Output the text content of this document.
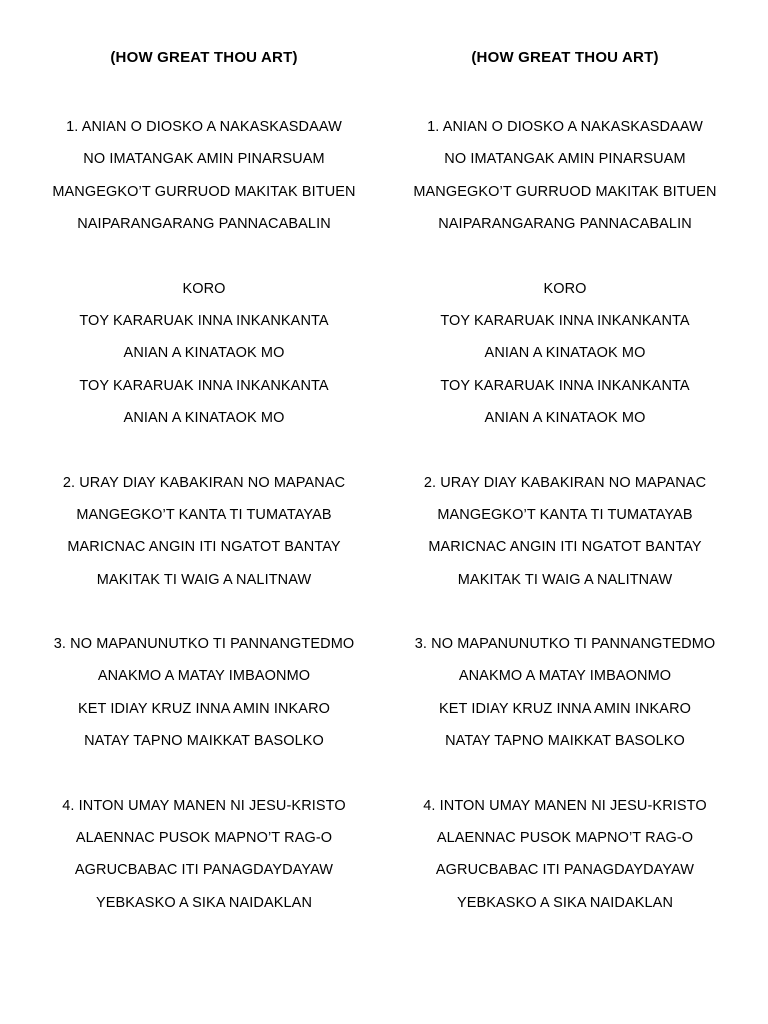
(HOW GREAT THOU ART)
1. ANIAN O DIOSKO A NAKASKASDAAW
NO IMATANGAK AMIN PINARSUAM
MANGEGKO’T GURRUOD MAKITAK BITUEN
NAIPARANGARANG PANNACABALIN
KORO
TOY KARARUAK INNA INKANKANTA
ANIAN A KINATAOK MO
TOY KARARUAK INNA INKANKANTA
ANIAN A KINATAOK MO
2. URAY DIAY KABAKIRAN NO MAPANAC
MANGEGKO’T KANTA TI TUMATAYAB
MARICNAC ANGIN ITI NGATOT BANTAY
MAKITAK TI WAIG A NALITNAW
3. NO MAPANUNUTKO TI PANNANGTEDMO
ANAKMO A MATAY IMBAONMO
KET IDIAY KRUZ INNA AMIN INKARO
NATAY TAPNO MAIKKAT BASOLKO
4. INTON UMAY MANEN NI JESU-KRISTO
ALAENNAC PUSOK MAPNO’T RAG-O
AGRUCBABAC ITI PANAGDAYDAYAW
YEBKASKO A SIKA NAIDAKLAN
(HOW GREAT THOU ART)
1. ANIAN O DIOSKO A NAKASKASDAAW
NO IMATANGAK AMIN PINARSUAM
MANGEGKO’T GURRUOD MAKITAK BITUEN
NAIPARANGARANG PANNACABALIN
KORO
TOY KARARUAK INNA INKANKANTA
ANIAN A KINATAOK MO
TOY KARARUAK INNA INKANKANTA
ANIAN A KINATAOK MO
2. URAY DIAY KABAKIRAN NO MAPANAC
MANGEGKO’T KANTA TI TUMATAYAB
MARICNAC ANGIN ITI NGATOT BANTAY
MAKITAK TI WAIG A NALITNAW
3. NO MAPANUNUTKO TI PANNANGTEDMO
ANAKMO A MATAY IMBAONMO
KET IDIAY KRUZ INNA AMIN INKARO
NATAY TAPNO MAIKKAT BASOLKO
4. INTON UMAY MANEN NI JESU-KRISTO
ALAENNAC PUSOK MAPNO’T RAG-O
AGRUCBABAC ITI PANAGDAYDAYAW
YEBKASKO A SIKA NAIDAKLAN
